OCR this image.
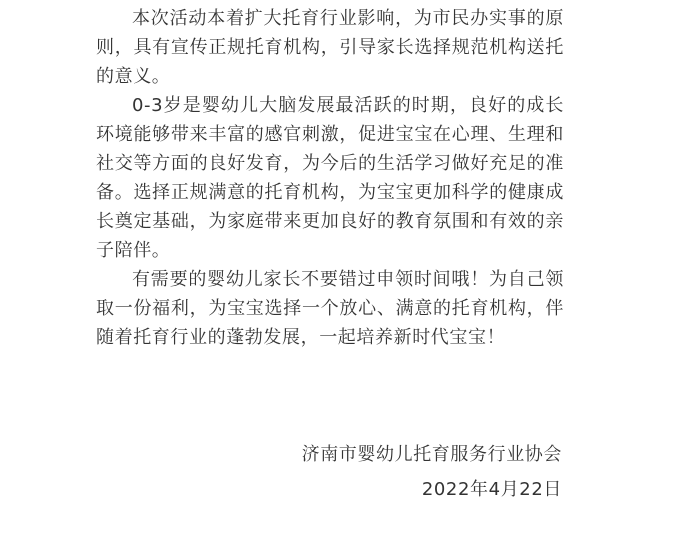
本次活动本着扩大托育行业影响，为市民办实事的原则，具有宣传正规托育机构，引导家长选择规范机构送托的意义。

0-3岁是婴幼儿大脑发展最活跃的时期，良好的成长环境能够带来丰富的感官刺激，促进宝宝在心理、生理和社交等方面的良好发育，为今后的生活学习做好充足的准备。选择正规满意的托育机构，为宝宝更加科学的健康成长奠定基础，为家庭带来更加良好的教育氛围和有效的亲子陪伴。

有需要的婴幼儿家长不要错过申领时间哦！为自己领取一份福利，为宝宝选择一个放心、满意的托育机构，伴随着托育行业的蓬勃发展，一起培养新时代宝宝！

济南市婴幼儿托育服务行业协会
2022年4月22日
